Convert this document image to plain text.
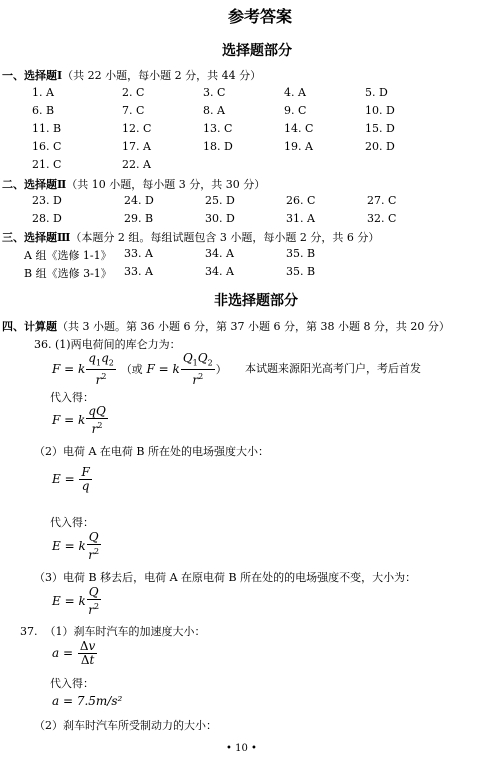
参考答案
选择题部分
一、选择题Ⅰ（共 22 小题，每小题 2 分，共 44 分）
1. A	2. C	3. C	4. A	5. D
6. B	7. C	8. A	9. C	10. D
11. B	12. C	13. C	14. C	15. D
16. C	17. A	18. D	19. A	20. D
21. C	22. A
二、选择题Ⅱ（共 10 小题，每小题 3 分，共 30 分）
23. D	24. D	25. D	26. C	27. C
28. D	29. B	30. D	31. A	32. C
三、选择题Ⅲ（本题分 2 组。每组试题包含 3 小题，每小题 2 分，共 6 分）
A 组《选修 1-1》 33. A	34. A	35. B
B 组《选修 3-1》 33. A	34. A	35. B
非选择题部分
四、计算题（共 3 小题。第 36 小题 6 分，第 37 小题 6 分，第 38 小题 8 分，共 20 分）
36. (1)两电荷间的库仑力为：
F = k $\frac{q_1q_2}{r^2}$ （或 F = k $\frac{Q_1Q_2}{r^2}$ ） 本试题来源阳光高考门户，考后首发
代入得：
F = k $\frac{qQ}{r^2}$
（2）电荷 A 在电荷 B 所在处的电场强度大小：
$E = \frac{F}{q}$
代入得：
E = k $\frac{Q}{r^2}$
（3）电荷 B 移去后，电荷 A 在原电荷 B 所在处的的电场强度不变，大小为：
E = k $\frac{Q}{r^2}$
37. （1）刹车时汽车的加速度大小：
$a = \frac{\Delta v}{\Delta t}$
代入得：
a = 7.5m/s²
（2）刹车时汽车所受制动力的大小：
• 10 •
